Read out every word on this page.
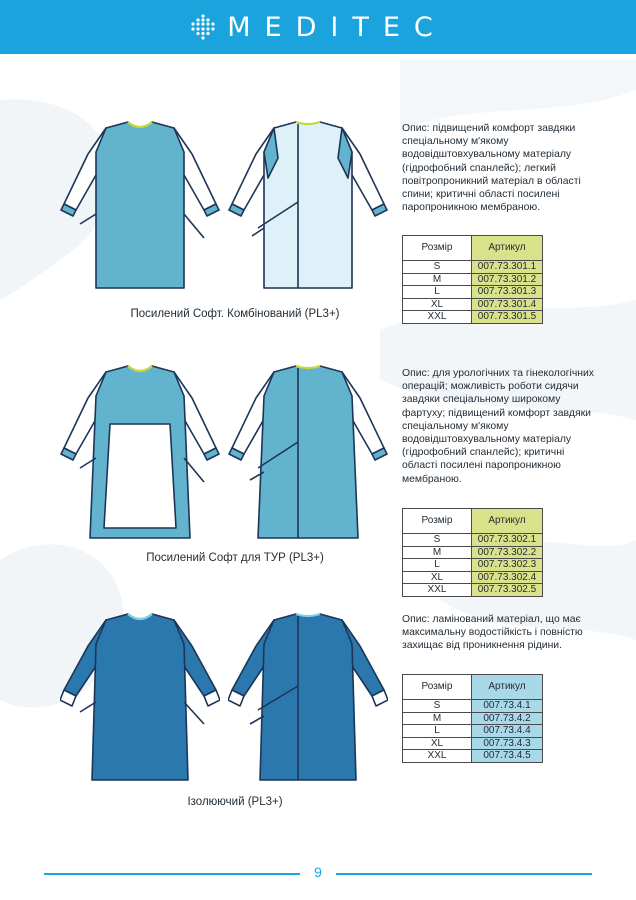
MEDITEC
Посилений Софт. Комбінований (PL3+)
Опис: підвищений комфорт завдяки спеціальному м'якому водовідштовхувальному матеріалу (гідрофобний спанлейс); легкий повітропроникний матеріал в області спини; критичні області посилені паропроникною мембраною.
Розмір	Артикул
S	007.73.301.1
M	007.73.301.2
L	007.73.301.3
XL	007.73.301.4
XXL	007.73.301.5
Посилений Софт для ТУР (PL3+)
Опис: для урологічних та гінекологічних операцій; можливість роботи сидячи завдяки спеціальному широкому фартуху; підвищений комфорт завдяки спеціальному м'якому водовідштовхувальному матеріалу (гідрофобний спанлейс); критичні області посилені паропроникною мембраною.
Розмір	Артикул
S	007.73.302.1
M	007.73.302.2
L	007.73.302.3
XL	007.73.302.4
XXL	007.73.302.5
Ізолюючий (PL3+)
Опис: ламінований матеріал, що має максимальну водостійкість і повністю захищає від проникнення рідини.
Розмір	Артикул
S	007.73.4.1
M	007.73.4.2
L	007.73.4.4
XL	007.73.4.3
XXL	007.73.4.5
9
